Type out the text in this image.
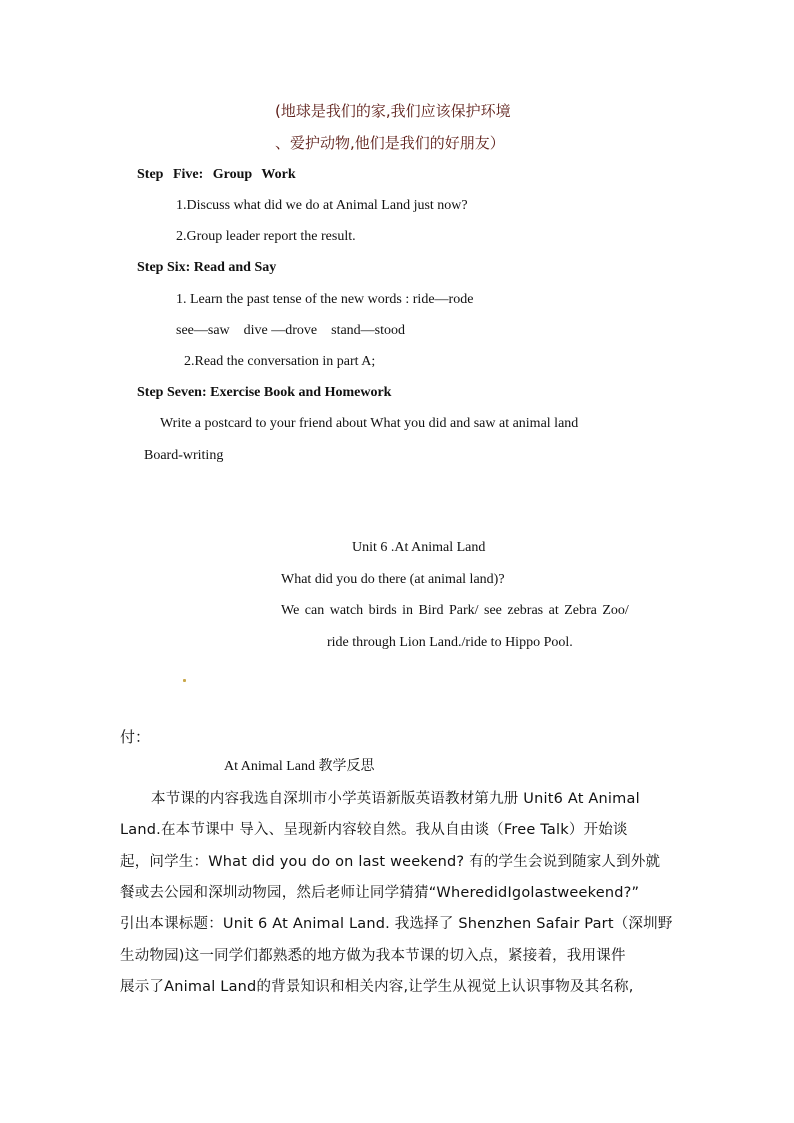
(地球是我们的家,我们应该保护环境
、爱护动物,他们是我们的好朋友）
Step Five: Group Work
1.Discuss what did we do at Animal Land just now?
2.Group leader report the result.
Step Six: Read and Say
1. Learn the past tense of the new words : ride—rode
see—saw    dive —drove    stand—stood
2.Read the conversation in part A;
Step Seven: Exercise Book and Homework
Write a postcard to your friend about What you did and saw at animal land
Board-writing
Unit 6 .At Animal Land
What did you do there (at animal land)?
We can watch birds in Bird Park/ see zebras at Zebra Zoo/
ride through Lion Land./ride to Hippo Pool.
付：
At Animal Land 教学反思
本节课的内容我选自深圳市小学英语新版英语教材第九册 Unit6 At Animal
Land.在本节课中 导入、呈现新内容较自然。我从自由谈（Free Talk）开始谈
起，问学生：What did you do on last weekend? 有的学生会说到随家人到外就
餐或去公园和深圳动物园，然后老师让同学猜猜“WheredidIgolastweekend?”
引出本课标题：Unit 6 At Animal Land. 我选择了 Shenzhen Safair Part（深圳野
生动物园)这一同学们都熟悉的地方做为我本节课的切入点，紧接着，我用课件
展示了Animal Land的背景知识和相关内容,让学生从视觉上认识事物及其名称,
